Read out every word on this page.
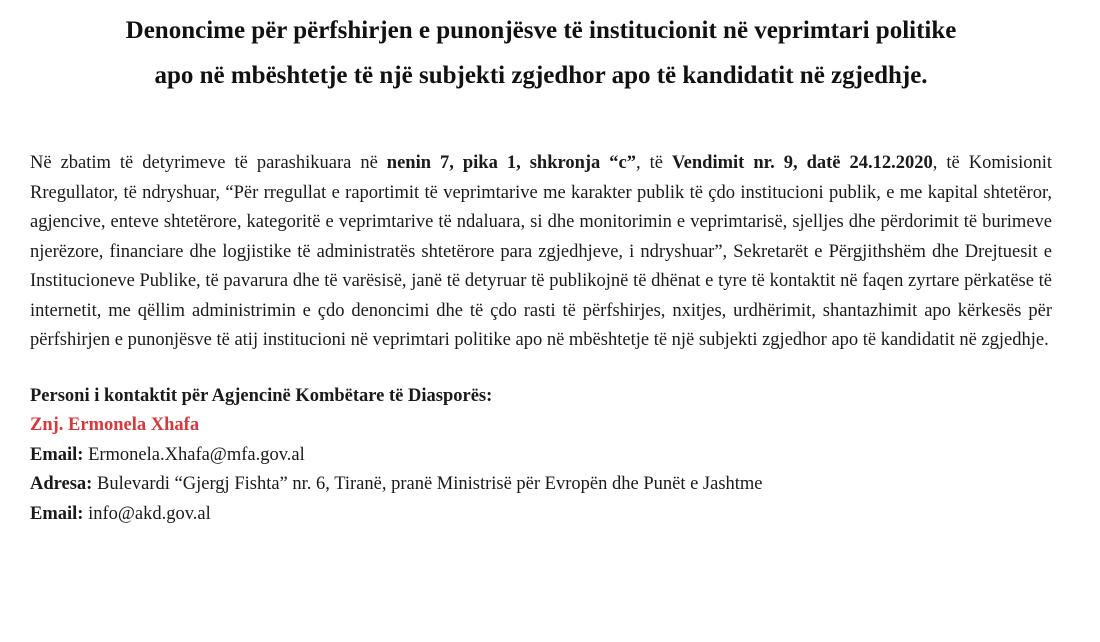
Denoncime për përfshirjen e punonjësve të institucionit në veprimtari politike
apo në mbështetje të një subjekti zgjedhor apo të kandidatit në zgjedhje.

Në zbatim të detyrimeve të parashikuara në nenin 7, pika 1, shkronja “c”, të Vendimit nr. 9, datë 24.12.2020, të Komisionit Rregullator, të ndryshuar, “Për rregullat e raportimit të veprimtarive me karakter publik të çdo institucioni publik, e me kapital shtetëror, agjencive, enteve shtetërore, kategoritë e veprimtarive të ndaluara, si dhe monitorimin e veprimtarisë, sjelljes dhe përdorimit të burimeve njerëzore, financiare dhe logjistike të administratës shtetërore para zgjedhjeve, i ndryshuar”, Sekretarët e Përgjithshëm dhe Drejtuesit e Institucioneve Publike, të pavarura dhe të varësisë, janë të detyruar të publikojnë të dhënat e tyre të kontaktit në faqen zyrtare përkatëse të internetit, me qëllim administrimin e çdo denoncimi dhe të çdo rasti të përfshirjes, nxitjes, urdhërimit, shantazhimit apo kërkesës për përfshirjen e punonjësve të atij institucioni në veprimtari politike apo në mbështetje të një subjekti zgjedhor apo të kandidatit në zgjedhje.

Personi i kontaktit për Agjencinë Kombëtare të Diasporës:
Znj. Ermonela Xhafa
Email: Ermonela.Xhafa@mfa.gov.al
Adresa: Bulevardi “Gjergj Fishta” nr. 6, Tiranë, pranë Ministrisë për Evropën dhe Punët e Jashtme
Email: info@akd.gov.al
